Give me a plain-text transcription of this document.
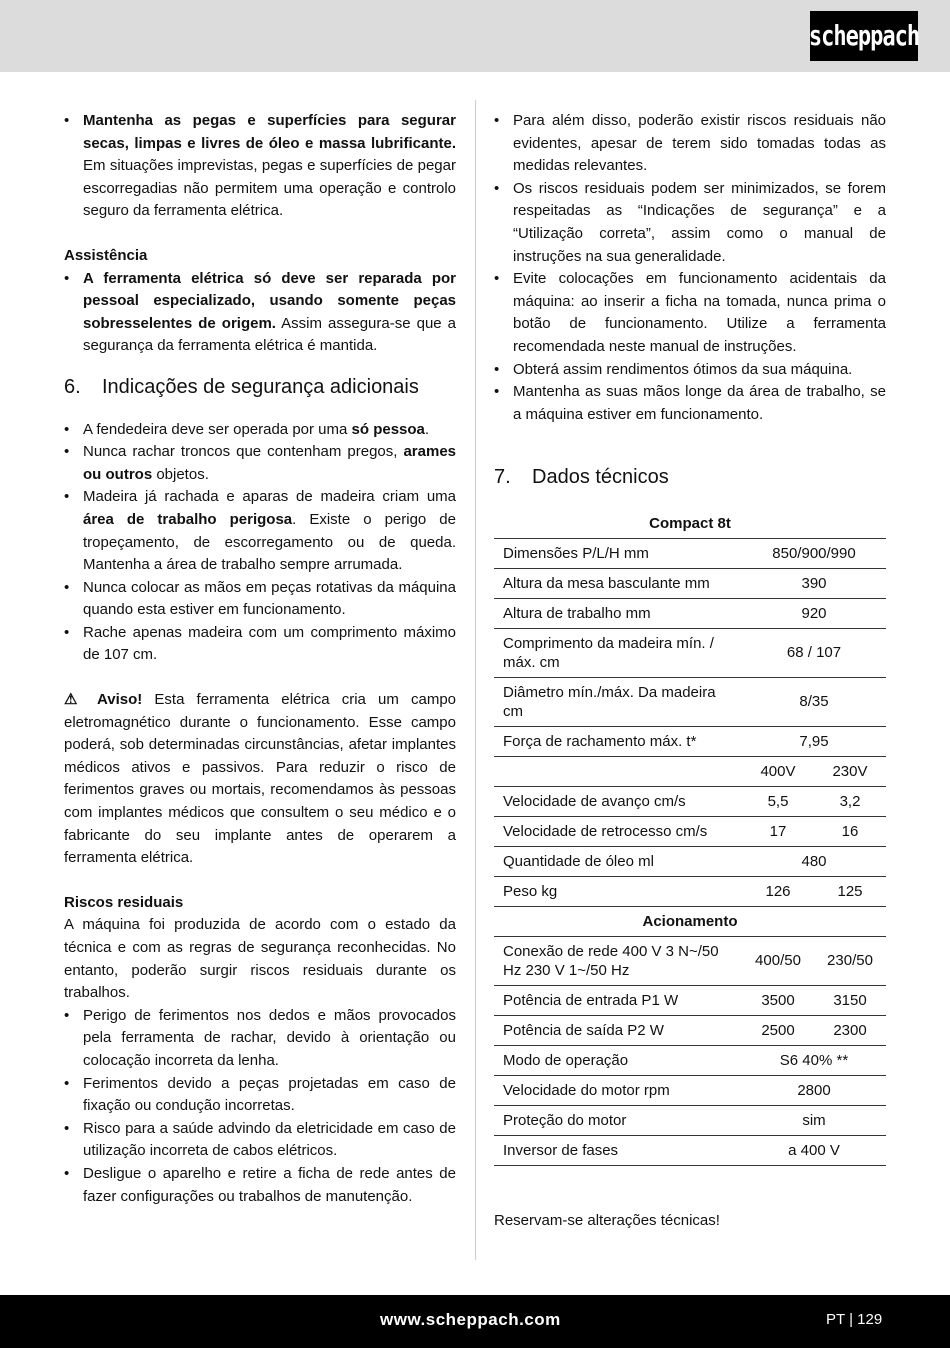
scheppach
• Mantenha as pegas e superfícies para segurar secas, limpas e livres de óleo e massa lubrificante. Em situações imprevistas, pegas e superfícies de pegar escorregadias não permitem uma operação e controlo seguro da ferramenta elétrica.
Assistência
• A ferramenta elétrica só deve ser reparada por pessoal especializado, usando somente peças sobresselentes de origem. Assim assegura-se que a segurança da ferramenta elétrica é mantida.
6.	Indicações de segurança adicionais
• A fendedeira deve ser operada por uma só pessoa.
• Nunca rachar troncos que contenham pregos, arames ou outros objetos.
• Madeira já rachada e aparas de madeira criam uma área de trabalho perigosa. Existe o perigo de tropeçamento, de escorregamento ou de queda. Mantenha a área de trabalho sempre arrumada.
• Nunca colocar as mãos em peças rotativas da máquina quando esta estiver em funcionamento.
• Rache apenas madeira com um comprimento máximo de 107 cm.
⚠ Aviso! Esta ferramenta elétrica cria um campo eletromagnético durante o funcionamento. Esse campo poderá, sob determinadas circunstâncias, afetar implantes médicos ativos e passivos. Para reduzir o risco de ferimentos graves ou mortais, recomendamos às pessoas com implantes médicos que consultem o seu médico e o fabricante do seu implante antes de operarem a ferramenta elétrica.
Riscos residuais
A máquina foi produzida de acordo com o estado da técnica e com as regras de segurança reconhecidas. No entanto, poderão surgir riscos residuais durante os trabalhos.
• Perigo de ferimentos nos dedos e mãos provocados pela ferramenta de rachar, devido à orientação ou colocação incorreta da lenha.
• Ferimentos devido a peças projetadas em caso de fixação ou condução incorretas.
• Risco para a saúde advindo da eletricidade em caso de utilização incorreta de cabos elétricos.
• Desligue o aparelho e retire a ficha de rede antes de fazer configurações ou trabalhos de manutenção.
• Para além disso, poderão existir riscos residuais não evidentes, apesar de terem sido tomadas todas as medidas relevantes.
• Os riscos residuais podem ser minimizados, se forem respeitadas as “Indicações de segurança” e a “Utilização correta”, assim como o manual de instruções na sua generalidade.
• Evite colocações em funcionamento acidentais da máquina: ao inserir a ficha na tomada, nunca prima o botão de funcionamento. Utilize a ferramenta recomendada neste manual de instruções.
• Obterá assim rendimentos ótimos da sua máquina.
• Mantenha as suas mãos longe da área de trabalho, se a máquina estiver em funcionamento.
7.	Dados técnicos
Compact 8t		
Dimensões P/L/H mm	850/900/990	
Altura da mesa basculante mm	390	
Altura de trabalho mm	920	
Comprimento da madeira mín. / máx. cm	68 / 107	
Diâmetro mín./máx. Da madeira cm	8/35	
Força de rachamento máx. t*	7,95	
	400V	230V
Velocidade de avanço cm/s	5,5	3,2
Velocidade de retrocesso cm/s	17	16
Quantidade de óleo ml	480	
Peso kg	126	125
Acionamento		
Conexão de rede 400 V 3 N~/50 Hz 230 V 1~/50 Hz	400/50	230/50
Potência de entrada P1 W	3500	3150
Potência de saída P2 W	2500	2300
Modo de operação	S6 40% **	
Velocidade do motor rpm	2800	
Proteção do motor	sim	
Inversor de fases	a 400 V	

Reservam-se alterações técnicas!

www.scheppach.com	PT | 129
